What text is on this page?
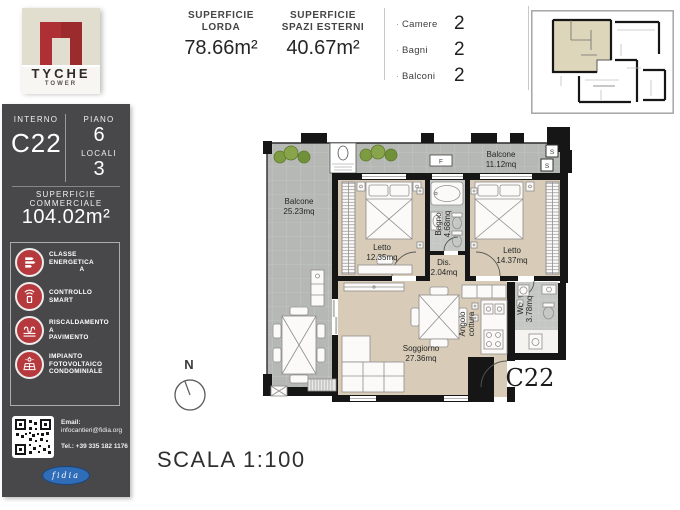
TYCHE
TOWER
INTERNO
C22
PIANO
6
LOCALI
3
SUPERFICIE
COMMERCIALE
104.02m²
CLASSE ENERGETICA
A
CONTROLLO SMART
RISCALDAMENTO A
PAVIMENTO
IMPIANTO
FOTOVOLTAICO
CONDOMINIALE
Email:
infocantieri@fidia.org
Tel.: +39 335 182 1176
fidia
SUPERFICIE
LORDA
78.66m²
SUPERFICIE
SPAZI ESTERNI
40.67m²
· Camere 2
· Bagni	2
· Balconi 2
F
S
S
Balcone
25.23mq
Balcone
11.12mq
Letto
12.35mq
Bagno 4.68mq
Letto
14.37mq
Dis.
2.04mq
Soggiorno
27.36mq
Angolo cottura
Wc 3.78mq
C22
N
SCALA 1:100
